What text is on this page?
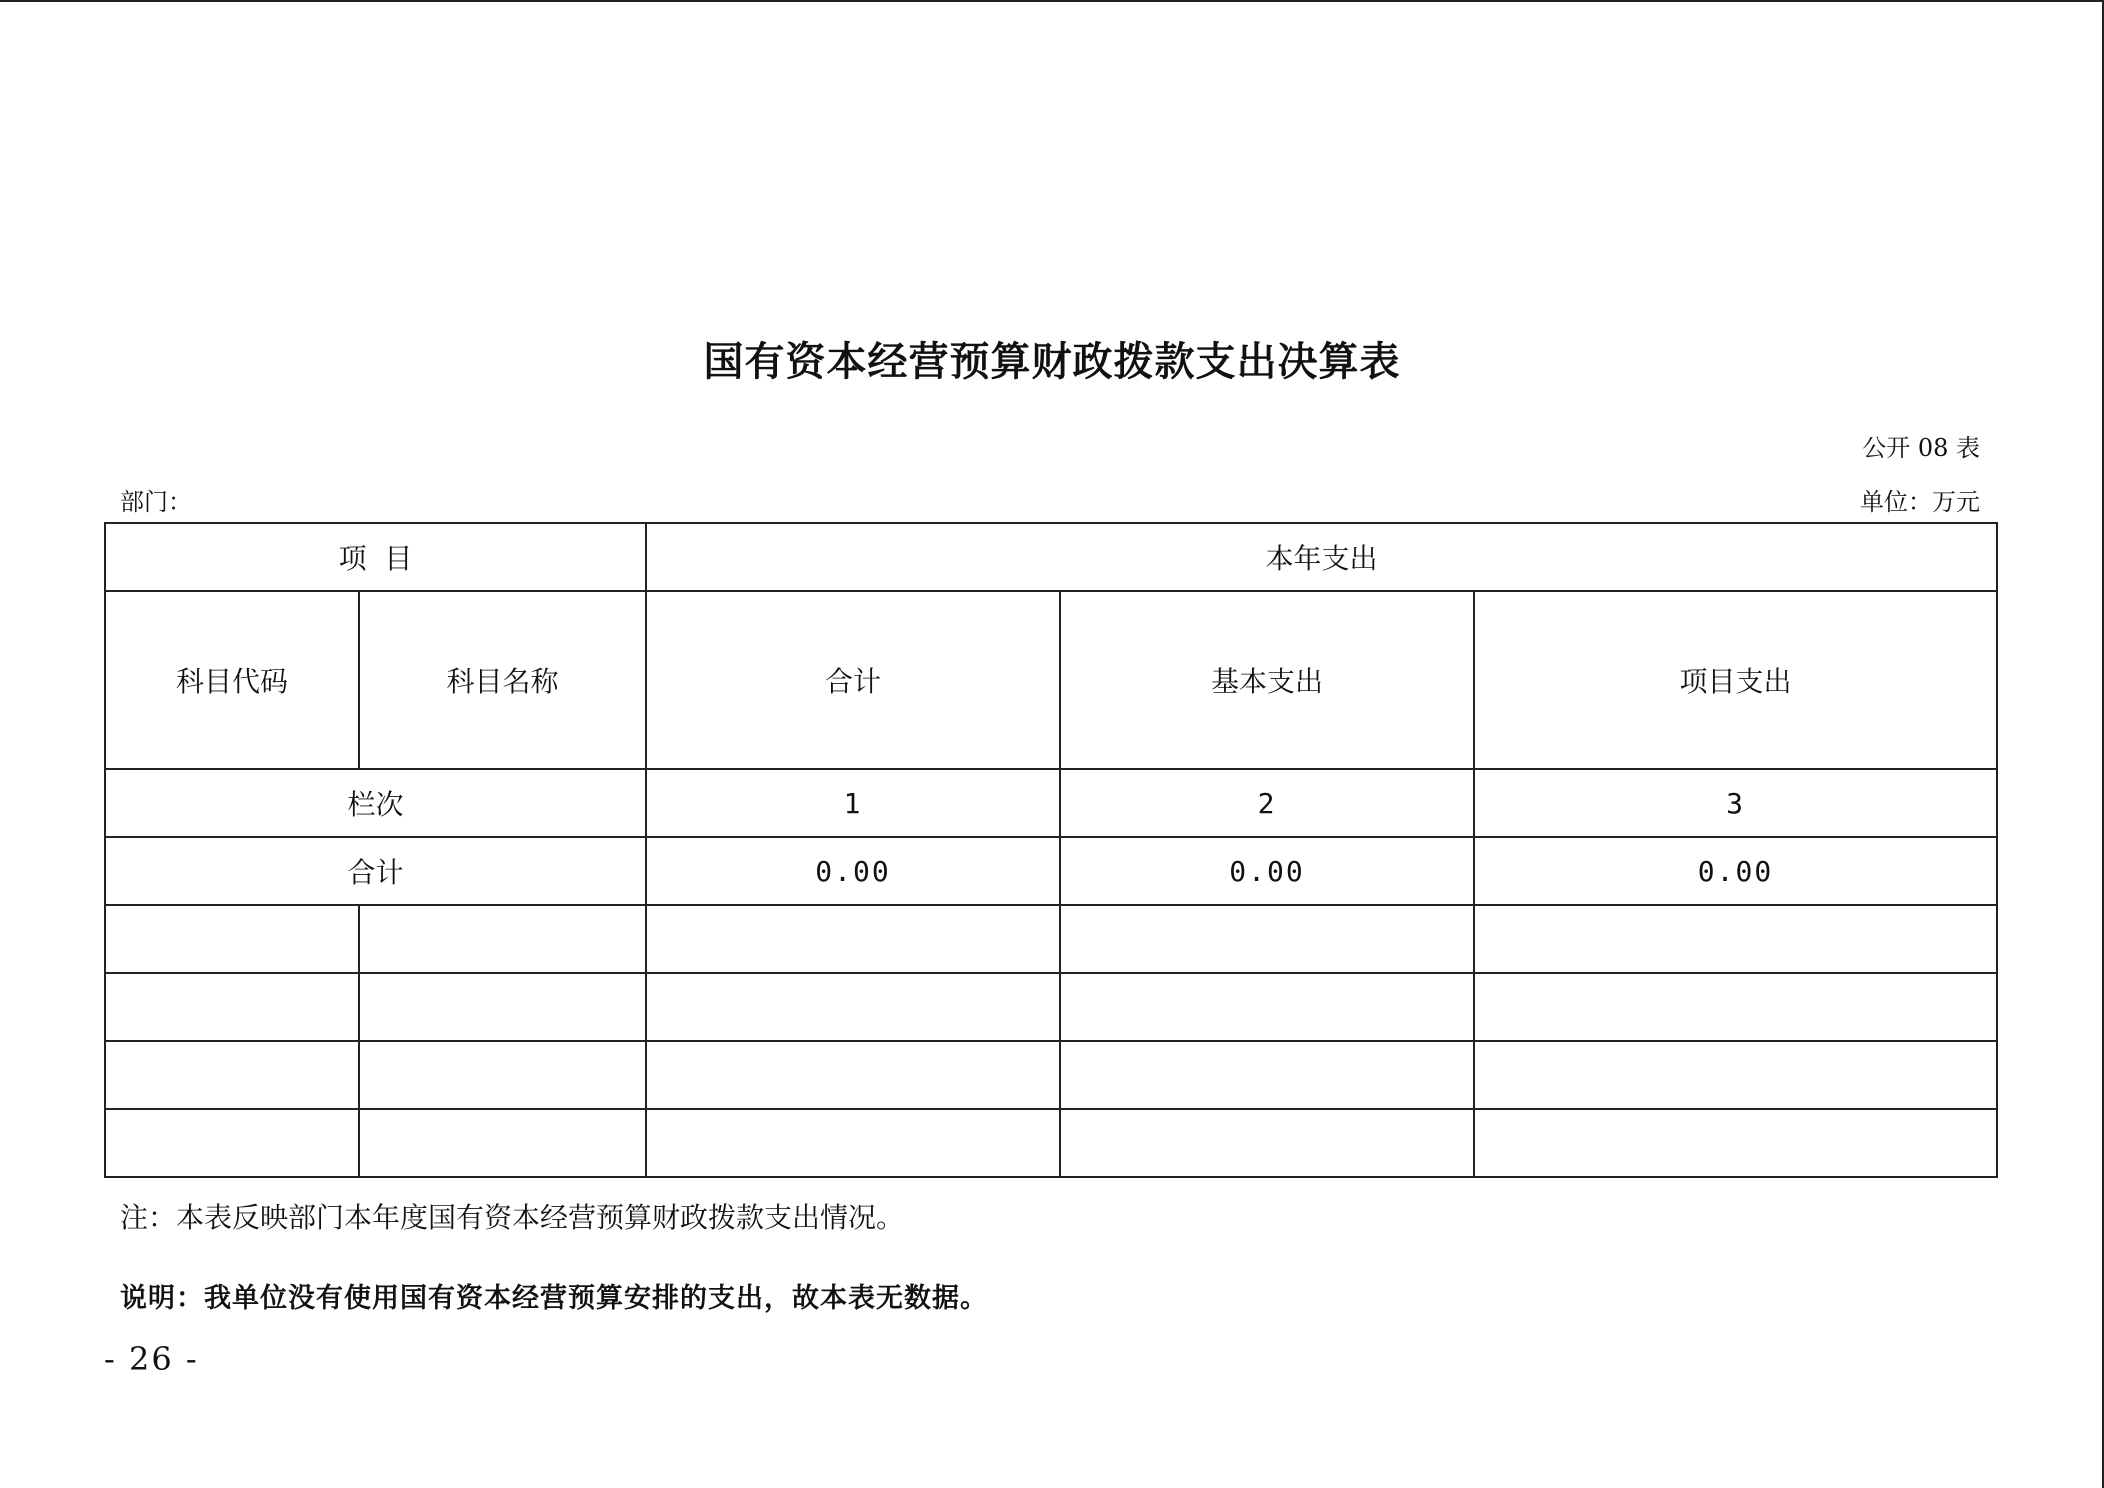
国有资本经营预算财政拨款支出决算表
公开 08 表
部门：	单位：万元
项  目		本年支出		
科目代码	科目名称	合计	基本支出	项目支出
栏次		1	2	3
合计		0.00	0.00	0.00

注：本表反映部门本年度国有资本经营预算财政拨款支出情况。
说明：我单位没有使用国有资本经营预算安排的支出，故本表无数据。
- 26 -
